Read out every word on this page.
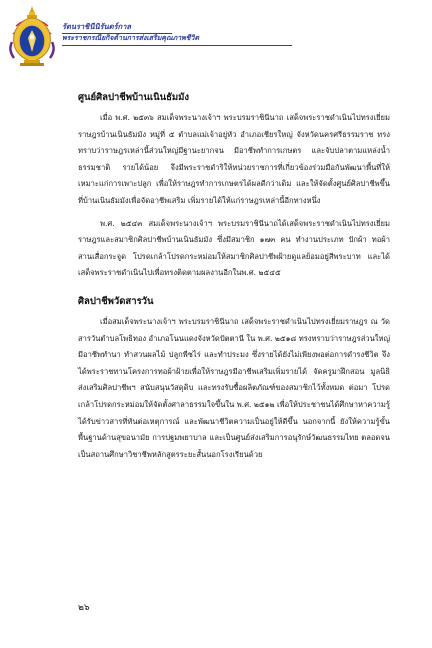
รัตนราชินีนิรันดร์กาล
พระราชกรณียกิจด้านการส่งเสริมคุณภาพชีวิต
ศูนย์ศิลปาชีพบ้านเนินธัมมัง

เมื่อ พ.ศ. ๒๕๓๖ สมเด็จพระนางเจ้าฯ พระบรมราชินีนาถ เสด็จพระราชดำเนินไปทรงเยี่ยมราษฎรบ้านเนินธัมมัง หมู่ที่ ๕ ตำบลแม่เจ้าอยู่หัว อำเภอเชียรใหญ่ จังหวัดนครศรีธรรมราช ทรงทราบว่าราษฎรเหล่านี้ส่วนใหญ่มีฐานะยากจน มีอาชีพทำการเกษตร และจับปลาตามแหล่งน้ำธรรมชาติ รายได้น้อย จึงมีพระราชดำริให้หน่วยราชการที่เกี่ยวข้องร่วมมือกันพัฒนาพื้นที่ให้เหมาะแก่การเพาะปลูก เพื่อให้ราษฎรทำการเกษตรได้ผลดีกว่าเดิม และให้จัดตั้งศูนย์ศิลปาชีพขึ้นที่บ้านเนินธัมมังเพื่อจัดอาชีพเสริม เพิ่มรายได้ให้แก่ราษฎรเหล่านี้อีกทางหนึ่ง

พ.ศ. ๒๕๔๓ สมเด็จพระนางเจ้าฯ พระบรมราชินีนาถได้เสด็จพระราชดำเนินไปทรงเยี่ยมราษฎรและสมาชิกศิลปาชีพบ้านเนินธัมมัง ซึ่งมีสมาชิก ๑๗๓ คน ทำงานประเภท ปักผ้า ทอผ้า สานเสื่อกระจูด โปรดเกล้าโปรดกระหม่อมให้สมาชิกศิลปาชีพฝ้ายดูแลย้อมอยู่สีพระบาท และได้เสด็จพระราชดำเนินไปเพื่อทรงติดตามผลงานอีกในพ.ศ. ๒๕๔๕

ศิลปาชีพวัดสารวัน

เมื่อสมเด็จพระนางเจ้าฯ พระบรมราชินีนาถ เสด็จพระราชดำเนินไปทรงเยี่ยมราษฎร ณ วัดสารวันตำบลโพธิทอง อำเภอโนนแดงจังหวัดปัตตานี ใน พ.ศ. ๒๕๑๘ ทรงทราบว่าราษฎรส่วนใหญ่มีอาชีพทำนา ทำสวนผลไม้ ปลูกพืชไร่ และทำประมง ซึ่งรายได้ยังไม่เพียงพอต่อการดำรงชีวิต จึงได้พระราชทานโครงการทอผ้าฝ้ายเพื่อให้ราษฎรมีอาชีพเสริมเพิ่มรายได้ จัดครูมาฝึกสอน มูลนิธิส่งเสริมศิลปาชีพฯ สนับสนุนวัสดุดิบ และทรงรับซื้อผลิตภัณฑ์ของสมาชิกไว้ทั้งหมด ต่อมา โปรดเกล้าโปรดกระหม่อมให้จัดตั้งศาลาธรรมใจขึ้นใน พ.ศ. ๒๕๑๒ เพื่อให้ประชาชนได้ศึกษาหาความรู้ ได้รับข่าวสารที่ทันต่อเหตุการณ์ และพัฒนาชีวิตความเป็นอยู่ให้ดีขึ้น นอกจากนี้ ยังให้ความรู้ขั้นพื้นฐานด้านสุขอนามัย การปฐมพยาบาล และเป็นศูนย์ส่งเสริมการอนุรักษ์วัฒนธรรมไทย ตลอดจนเป็นสถานศึกษาวิชาชีพหลักสูตรระยะสั้นนอกโรงเรียนด้วย

๒๖
